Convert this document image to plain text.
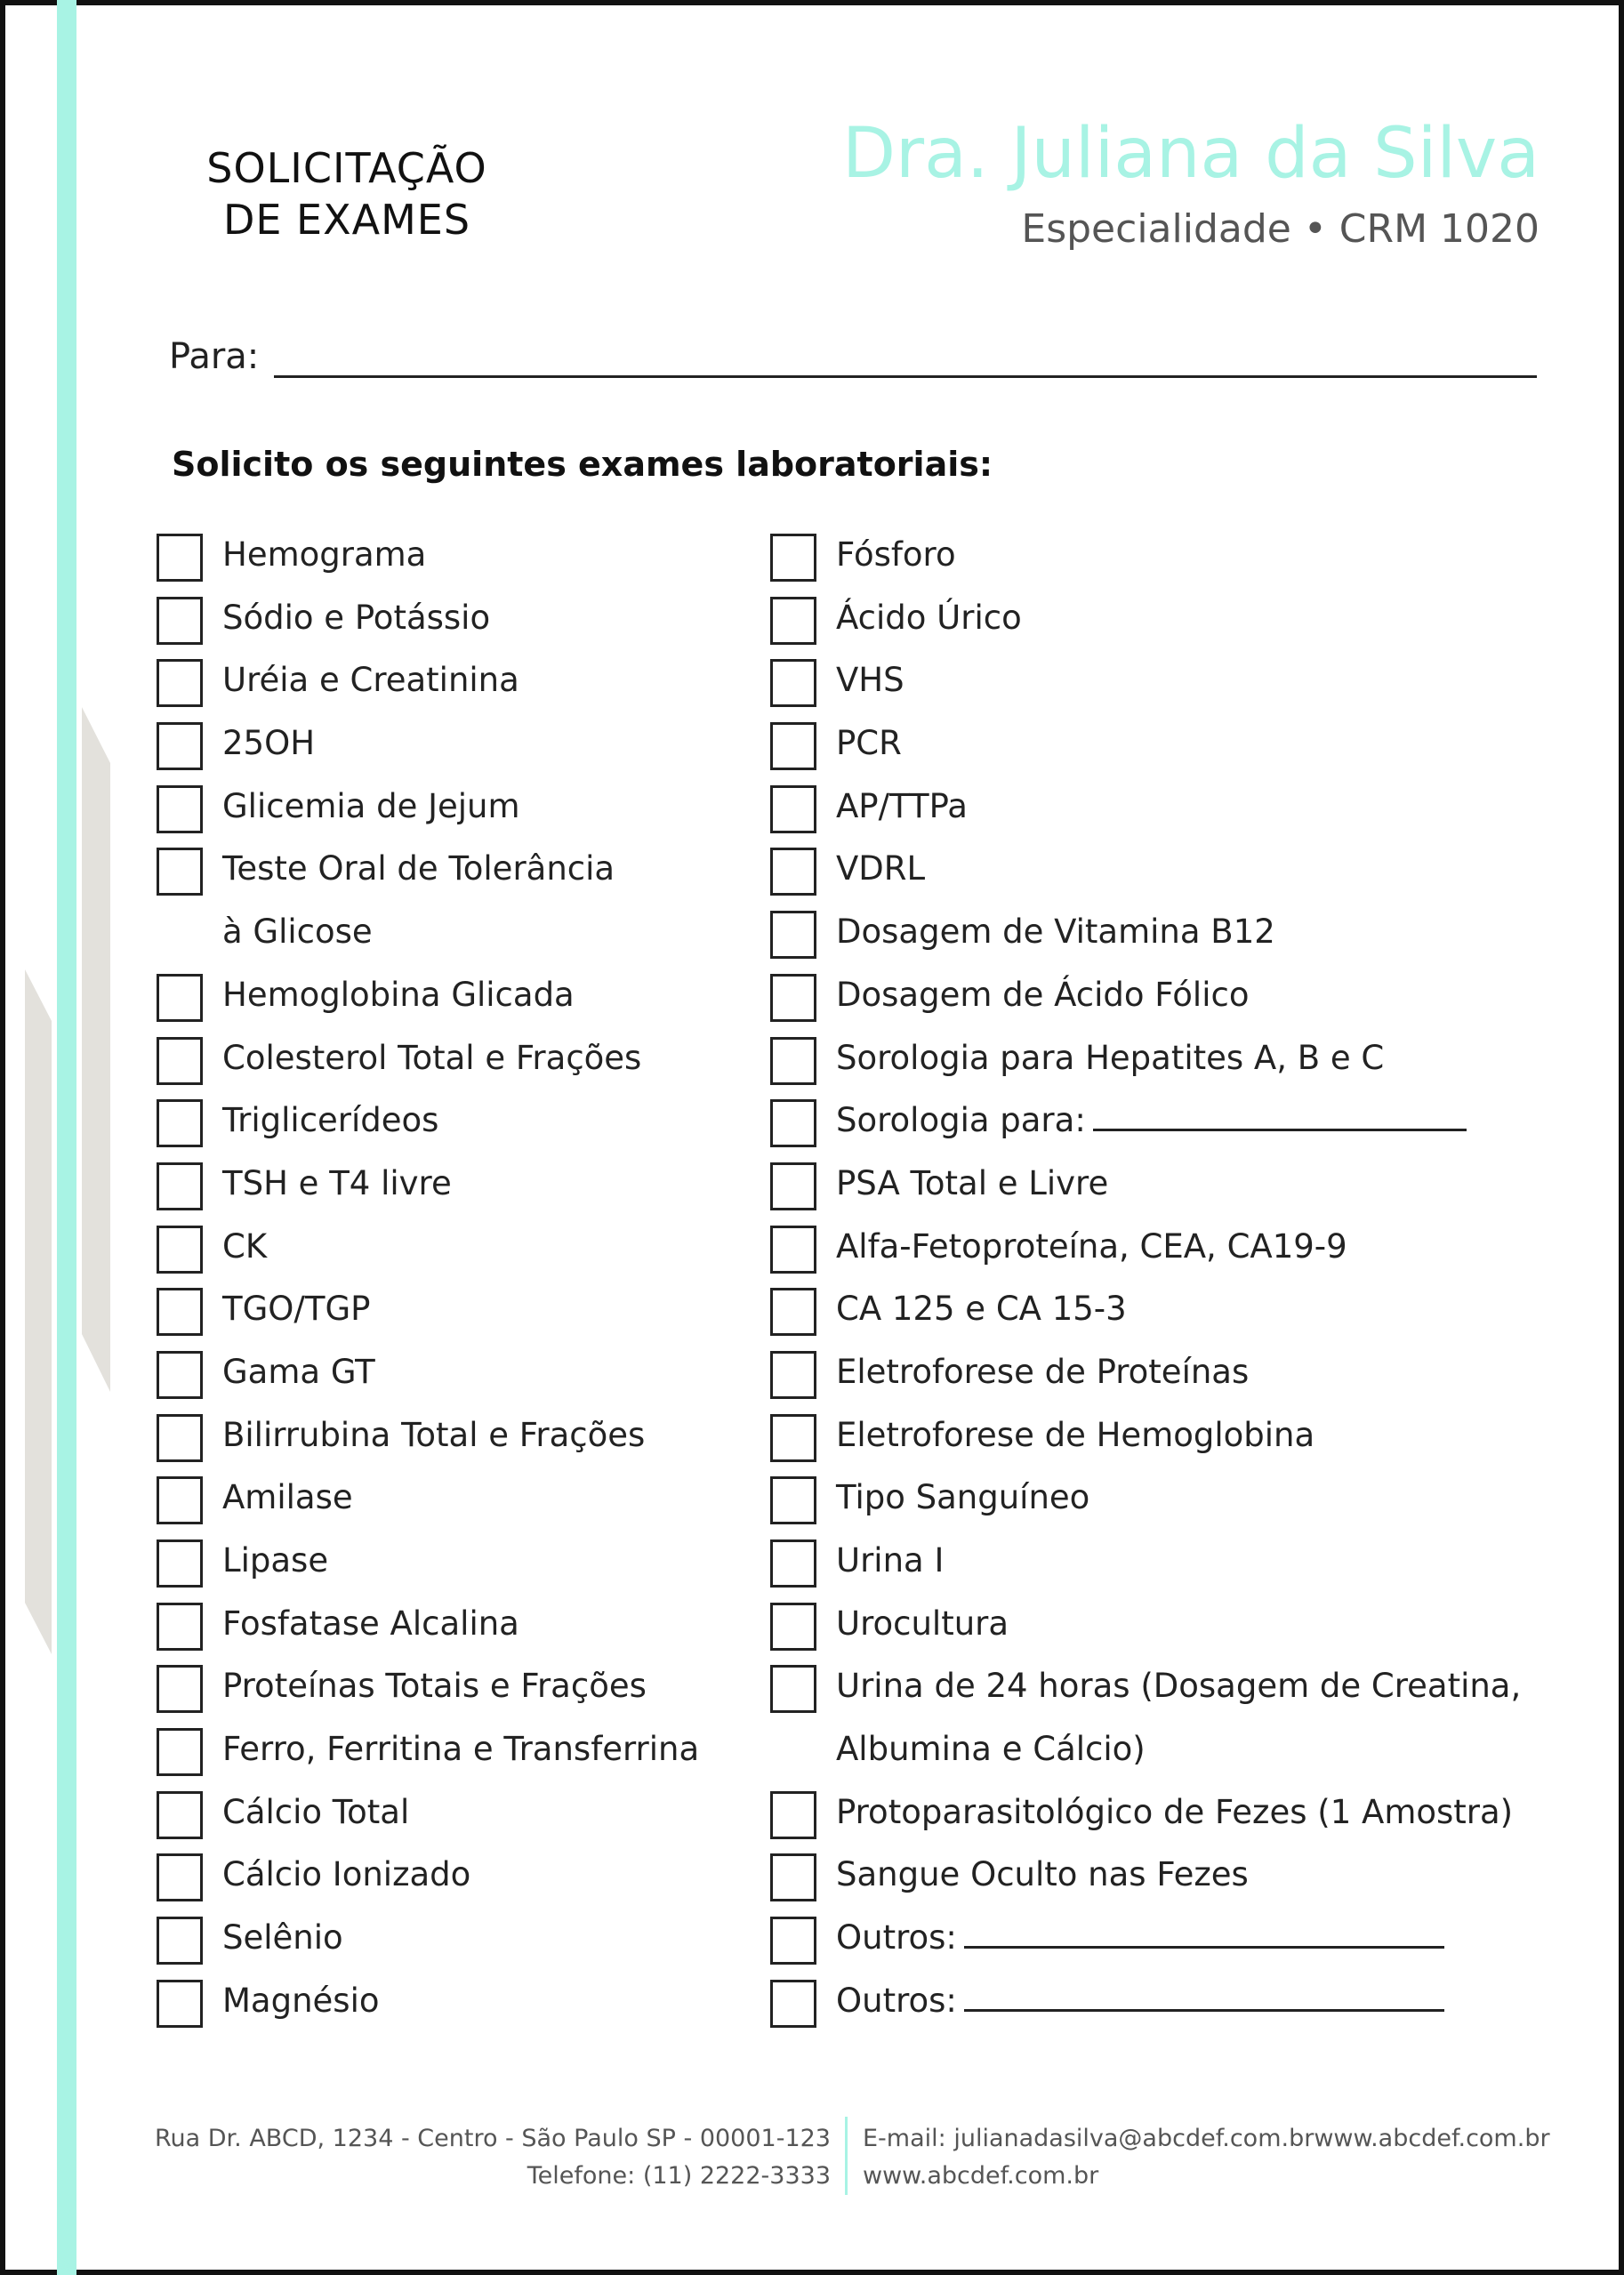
SOLICITAÇÃO
DE EXAMES
Dra. Juliana da Silva
Especialidade • CRM 1020
Para:
Solicito os seguintes exames laboratoriais:
Hemograma
Sódio e Potássio
Uréia e Creatinina
25OH
Glicemia de Jejum
Teste Oral de Tolerância
à Glicose
Hemoglobina Glicada
Colesterol Total e Frações
Triglicerídeos
TSH e T4 livre
CK
TGO/TGP
Gama GT
Bilirrubina Total e Frações
Amilase
Lipase
Fosfatase Alcalina
Proteínas Totais e Frações
Ferro, Ferritina e Transferrina
Cálcio Total
Cálcio Ionizado
Selênio
Magnésio
Fósforo
Ácido Úrico
VHS
PCR
AP/TTPa
VDRL
Dosagem de Vitamina B12
Dosagem de Ácido Fólico
Sorologia para Hepatites A, B e C
Sorologia para:
PSA Total e Livre
Alfa-Fetoproteína, CEA, CA19-9
CA 125 e CA 15-3
Eletroforese de Proteínas
Eletroforese de Hemoglobina
Tipo Sanguíneo
Urina I
Urocultura
Urina de 24 horas (Dosagem de Creatina,
Albumina e Cálcio)
Protoparasitológico de Fezes (1 Amostra)
Sangue Oculto nas Fezes
Outros:
Outros:
Rua Dr. ABCD, 1234 - Centro - São Paulo SP - 00001-123
Telefone: (11) 2222-3333
E-mail: julianadasilva@abcdef.com.brwww.abcdef.com.br
www.abcdef.com.br
